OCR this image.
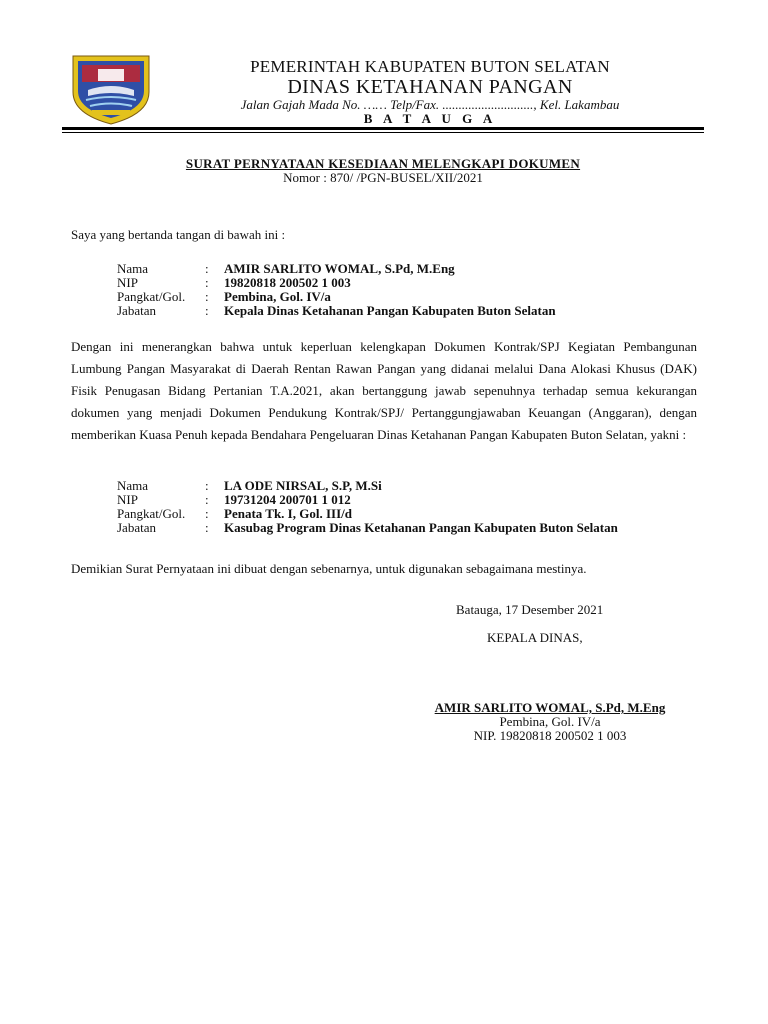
PEMERINTAH KABUPATEN BUTON SELATAN
DINAS KETAHANAN PANGAN
Jalan Gajah Mada No. …… Telp/Fax. ............................, Kel. Lakambau
B A T A U G A
SURAT PERNYATAAN KESEDIAAN MELENGKAPI DOKUMEN
Nomor : 870/ /PGN-BUSEL/XII/2021
Saya yang bertanda tangan di bawah ini :
Nama	:	AMIR SARLITO WOMAL, S.Pd, M.Eng
NIP	:	19820818 200502 1 003
Pangkat/Gol.	:	Pembina, Gol. IV/a
Jabatan	:	Kepala Dinas Ketahanan Pangan Kabupaten Buton Selatan
Dengan ini menerangkan bahwa untuk keperluan kelengkapan Dokumen Kontrak/SPJ Kegiatan Pembangunan Lumbung Pangan Masyarakat di Daerah Rentan Rawan Pangan yang didanai melalui Dana Alokasi Khusus (DAK) Fisik Penugasan Bidang Pertanian T.A.2021, akan bertanggung jawab sepenuhnya terhadap semua kekurangan dokumen yang menjadi Dokumen Pendukung Kontrak/SPJ/ Pertanggungjawaban Keuangan (Anggaran), dengan memberikan Kuasa Penuh kepada Bendahara Pengeluaran Dinas Ketahanan Pangan Kabupaten Buton Selatan, yakni :
Nama	:	LA ODE NIRSAL, S.P, M.Si
NIP	:	19731204 200701 1 012
Pangkat/Gol.	:	Penata Tk. I, Gol. III/d
Jabatan	:	Kasubag Program Dinas Ketahanan Pangan Kabupaten Buton Selatan
Demikian Surat Pernyataan ini dibuat dengan sebenarnya, untuk digunakan sebagaimana mestinya.
Batauga, 17 Desember 2021
KEPALA DINAS,
AMIR SARLITO WOMAL, S.Pd, M.Eng
Pembina, Gol. IV/a
NIP. 19820818 200502 1 003
